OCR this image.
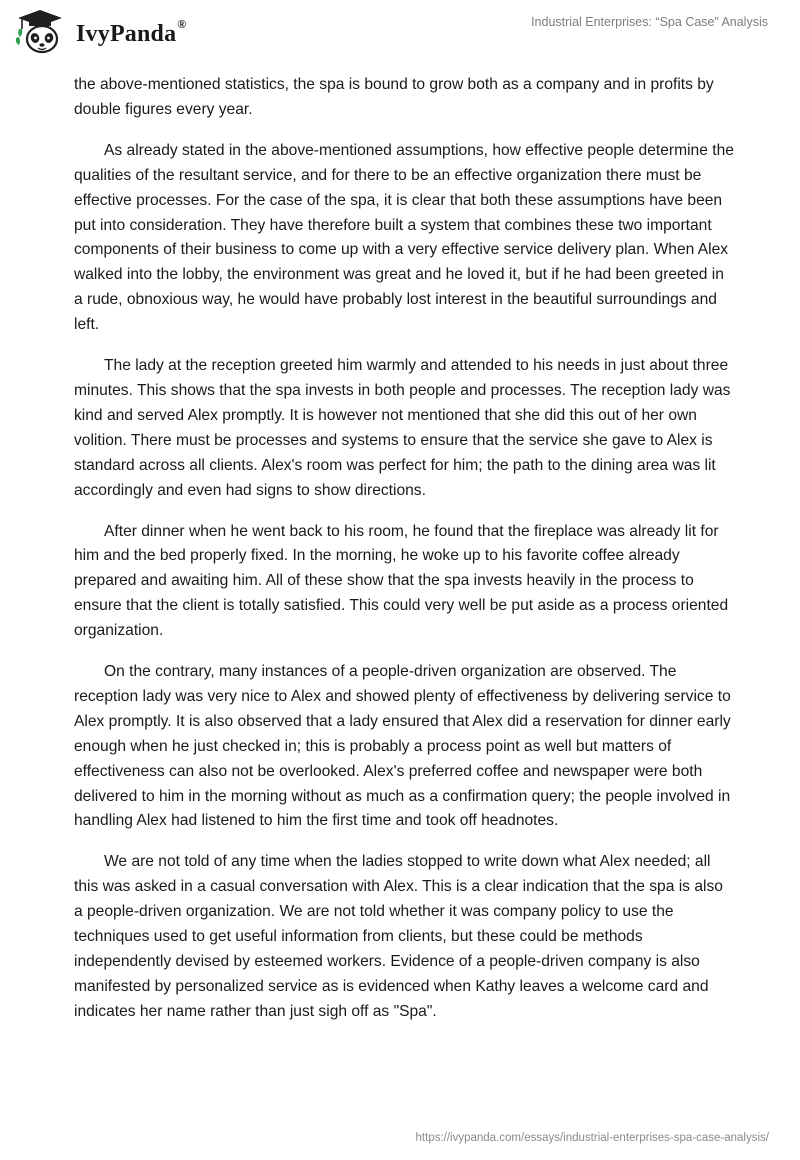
IvyPanda®	Industrial Enterprises: “Spa Case” Analysis

the above-mentioned statistics, the spa is bound to grow both as a company and in profits by double figures every year.

As already stated in the above-mentioned assumptions, how effective people determine the qualities of the resultant service, and for there to be an effective organization there must be effective processes. For the case of the spa, it is clear that both these assumptions have been put into consideration. They have therefore built a system that combines these two important components of their business to come up with a very effective service delivery plan. When Alex walked into the lobby, the environment was great and he loved it, but if he had been greeted in a rude, obnoxious way, he would have probably lost interest in the beautiful surroundings and left.

The lady at the reception greeted him warmly and attended to his needs in just about three minutes. This shows that the spa invests in both people and processes. The reception lady was kind and served Alex promptly. It is however not mentioned that she did this out of her own volition. There must be processes and systems to ensure that the service she gave to Alex is standard across all clients. Alex's room was perfect for him; the path to the dining area was lit accordingly and even had signs to show directions.

After dinner when he went back to his room, he found that the fireplace was already lit for him and the bed properly fixed. In the morning, he woke up to his favorite coffee already prepared and awaiting him. All of these show that the spa invests heavily in the process to ensure that the client is totally satisfied. This could very well be put aside as a process oriented organization.

On the contrary, many instances of a people-driven organization are observed. The reception lady was very nice to Alex and showed plenty of effectiveness by delivering service to Alex promptly. It is also observed that a lady ensured that Alex did a reservation for dinner early enough when he just checked in; this is probably a process point as well but matters of effectiveness can also not be overlooked. Alex's preferred coffee and newspaper were both delivered to him in the morning without as much as a confirmation query; the people involved in handling Alex had listened to him the first time and took off headnotes.

We are not told of any time when the ladies stopped to write down what Alex needed; all this was asked in a casual conversation with Alex. This is a clear indication that the spa is also a people-driven organization. We are not told whether it was company policy to use the techniques used to get useful information from clients, but these could be methods independently devised by esteemed workers. Evidence of a people-driven company is also manifested by personalized service as is evidenced when Kathy leaves a welcome card and indicates her name rather than just sigh off as "Spa".

https://ivypanda.com/essays/industrial-enterprises-spa-case-analysis/
